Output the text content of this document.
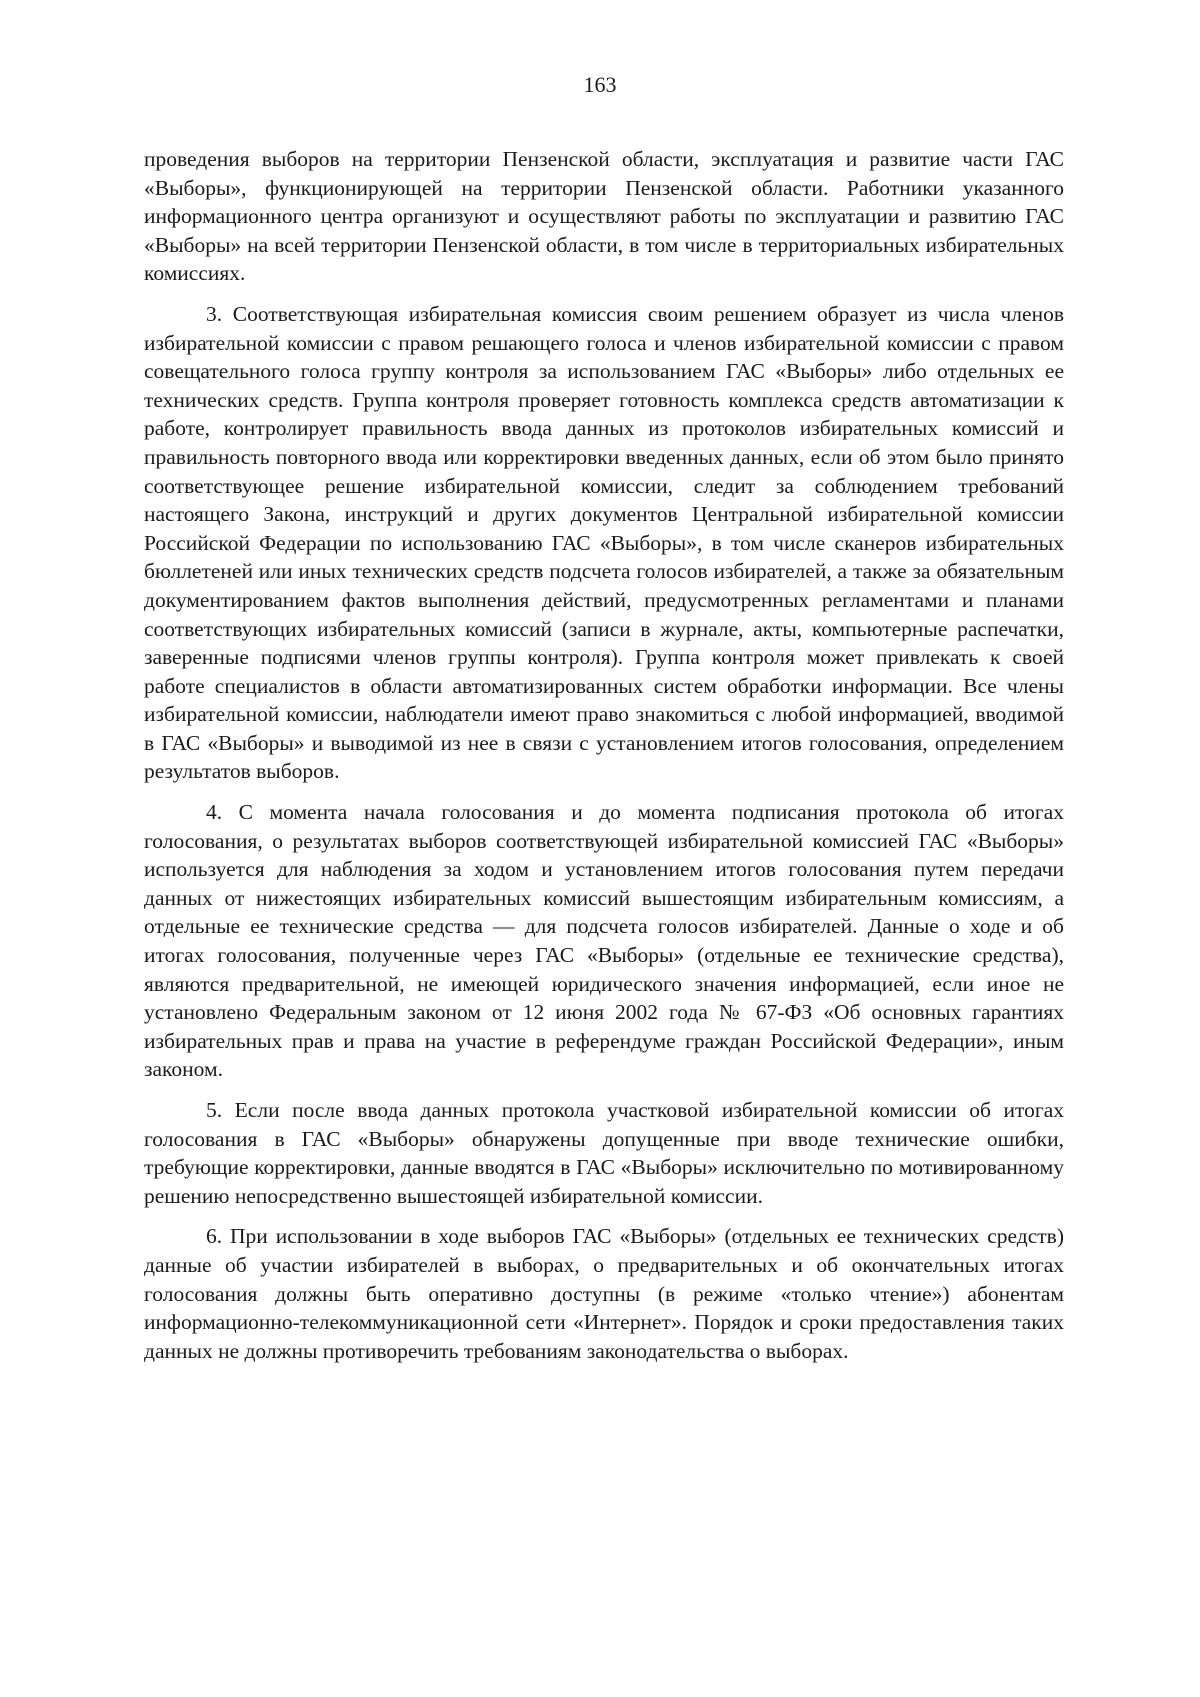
163

проведения выборов на территории Пензенской области, эксплуатация и развитие части ГАС «Выборы», функционирующей на территории Пензенской области. Работники указанного информационного центра организуют и осуществляют работы по эксплуатации и развитию ГАС «Выборы» на всей территории Пензенской области, в том числе в территориальных избирательных комиссиях.

3. Соответствующая избирательная комиссия своим решением образует из числа членов избирательной комиссии с правом решающего голоса и членов избирательной комиссии с правом совещательного голоса группу контроля за использованием ГАС «Выборы» либо отдельных ее технических средств. Группа контроля проверяет готовность комплекса средств автоматизации к работе, контролирует правильность ввода данных из протоколов избирательных комиссий и правильность повторного ввода или корректировки введенных данных, если об этом было принято соответствующее решение избирательной комиссии, следит за соблюдением требований настоящего Закона, инструкций и других документов Центральной избирательной комиссии Российской Федерации по использованию ГАС «Выборы», в том числе сканеров избирательных бюллетеней или иных технических средств подсчета голосов избирателей, а также за обязательным документированием фактов выполнения действий, предусмотренных регламентами и планами соответствующих избирательных комиссий (записи в журнале, акты, компьютерные распечатки, заверенные подписями членов группы контроля). Группа контроля может привлекать к своей работе специалистов в области автоматизированных систем обработки информации. Все члены избирательной комиссии, наблюдатели имеют право знакомиться с любой информацией, вводимой в ГАС «Выборы» и выводимой из нее в связи с установлением итогов голосования, определением результатов выборов.

4. С момента начала голосования и до момента подписания протокола об итогах голосования, о результатах выборов соответствующей избирательной комиссией ГАС «Выборы» используется для наблюдения за ходом и установлением итогов голосования путем передачи данных от нижестоящих избирательных комиссий вышестоящим избирательным комиссиям, а отдельные ее технические средства — для подсчета голосов избирателей. Данные о ходе и об итогах голосования, полученные через ГАС «Выборы» (отдельные ее технические средства), являются предварительной, не имеющей юридического значения информацией, если иное не установлено Федеральным законом от 12 июня 2002 года № 67-ФЗ «Об основных гарантиях избирательных прав и права на участие в референдуме граждан Российской Федерации», иным законом.

5. Если после ввода данных протокола участковой избирательной комиссии об итогах голосования в ГАС «Выборы» обнаружены допущенные при вводе технические ошибки, требующие корректировки, данные вводятся в ГАС «Выборы» исключительно по мотивированному решению непосредственно вышестоящей избирательной комиссии.

6. При использовании в ходе выборов ГАС «Выборы» (отдельных ее технических средств) данные об участии избирателей в выборах, о предварительных и об окончательных итогах голосования должны быть оперативно доступны (в режиме «только чтение») абонентам информационно-телекоммуникационной сети «Интернет». Порядок и сроки предоставления таких данных не должны противоречить требованиям законодательства о выборах.
